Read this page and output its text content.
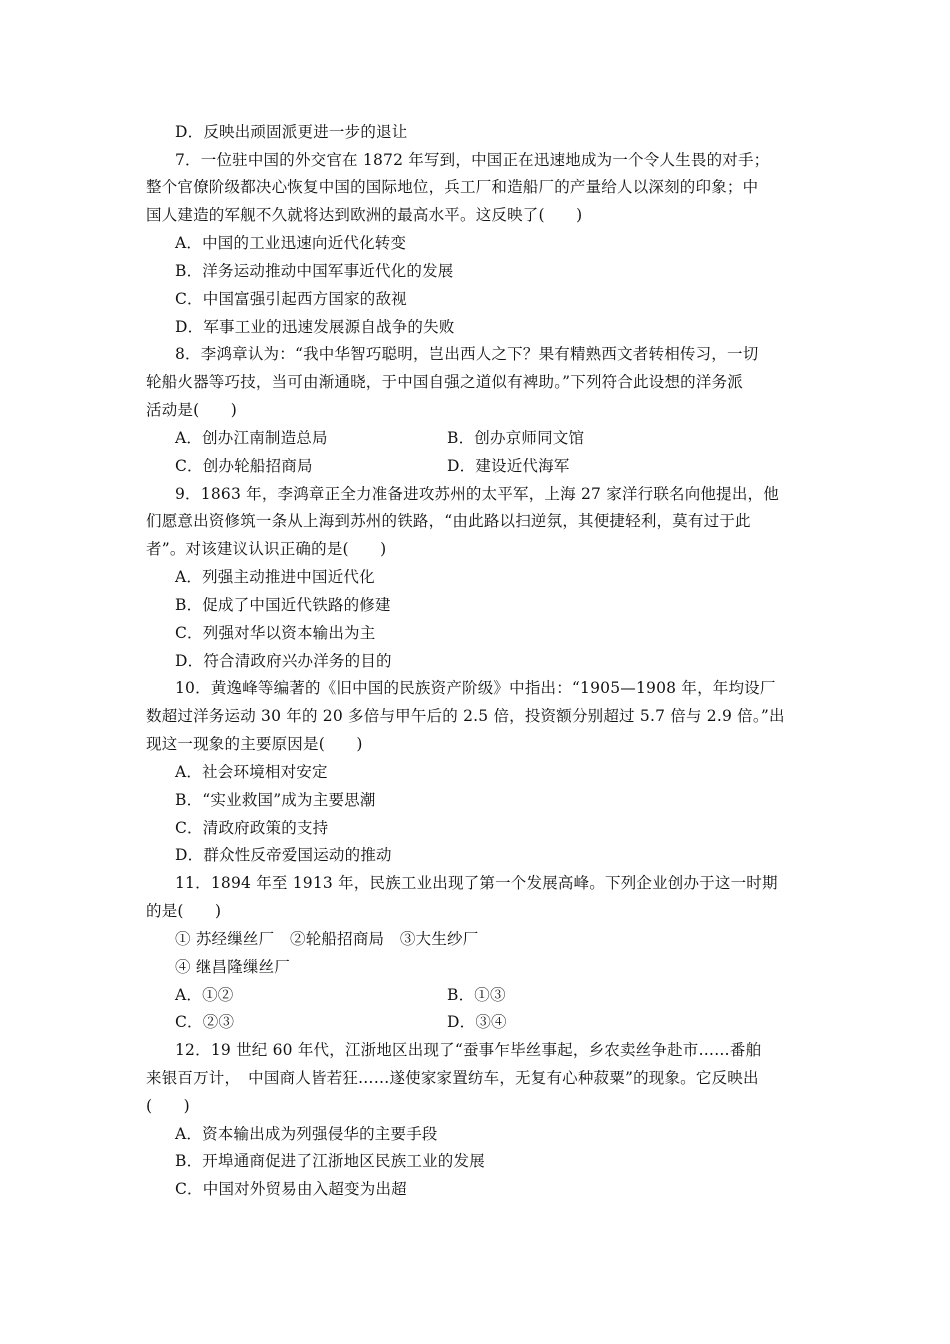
D．反映出顽固派更进一步的退让
7．一位驻中国的外交官在 1872 年写到，中国正在迅速地成为一个令人生畏的对手；
整个官僚阶级都决心恢复中国的国际地位，兵工厂和造船厂的产量给人以深刻的印象；中
国人建造的军舰不久就将达到欧洲的最高水平。这反映了(　　)
A．中国的工业迅速向近代化转变
B．洋务运动推动中国军事近代化的发展
C．中国富强引起西方国家的敌视
D．军事工业的迅速发展源自战争的失败
8．李鸿章认为：“我中华智巧聪明，岂出西人之下？果有精熟西文者转相传习，一切
轮船火器等巧技，当可由渐通晓，于中国自强之道似有裨助。”下列符合此设想的洋务派
活动是(　　)
A．创办江南制造总局	B．创办京师同文馆
C．创办轮船招商局	D．建设近代海军
9．1863 年，李鸿章正全力准备进攻苏州的太平军，上海 27 家洋行联名向他提出，他
们愿意出资修筑一条从上海到苏州的铁路，“由此路以扫逆氛，其便捷轻利，莫有过于此
者”。对该建议认识正确的是(　　)
A．列强主动推进中国近代化
B．促成了中国近代铁路的修建
C．列强对华以资本输出为主
D．符合清政府兴办洋务的目的
10．黄逸峰等编著的《旧中国的民族资产阶级》中指出：“1905—1908 年，年均设厂
数超过洋务运动 30 年的 20 多倍与甲午后的 2.5 倍，投资额分别超过 5.7 倍与 2.9 倍。”出
现这一现象的主要原因是(　　)
A．社会环境相对安定
B．“实业救国”成为主要思潮
C．清政府政策的支持
D．群众性反帝爱国运动的推动
11．1894 年至 1913 年，民族工业出现了第一个发展高峰。下列企业创办于这一时期
的是(　　)
① 苏经缫丝厂　②轮船招商局　③大生纱厂
④ 继昌隆缫丝厂
A．①②	B．①③
C．②③	D．③④
12．19 世纪 60 年代，江浙地区出现了“蚕事乍毕丝事起，乡农卖丝争赴市……番舶
来银百万计，　中国商人皆若狂……遂使家家置纺车，无复有心种菽粟”的现象。它反映出
(　　)
A．资本输出成为列强侵华的主要手段
B．开埠通商促进了江浙地区民族工业的发展
C．中国对外贸易由入超变为出超
